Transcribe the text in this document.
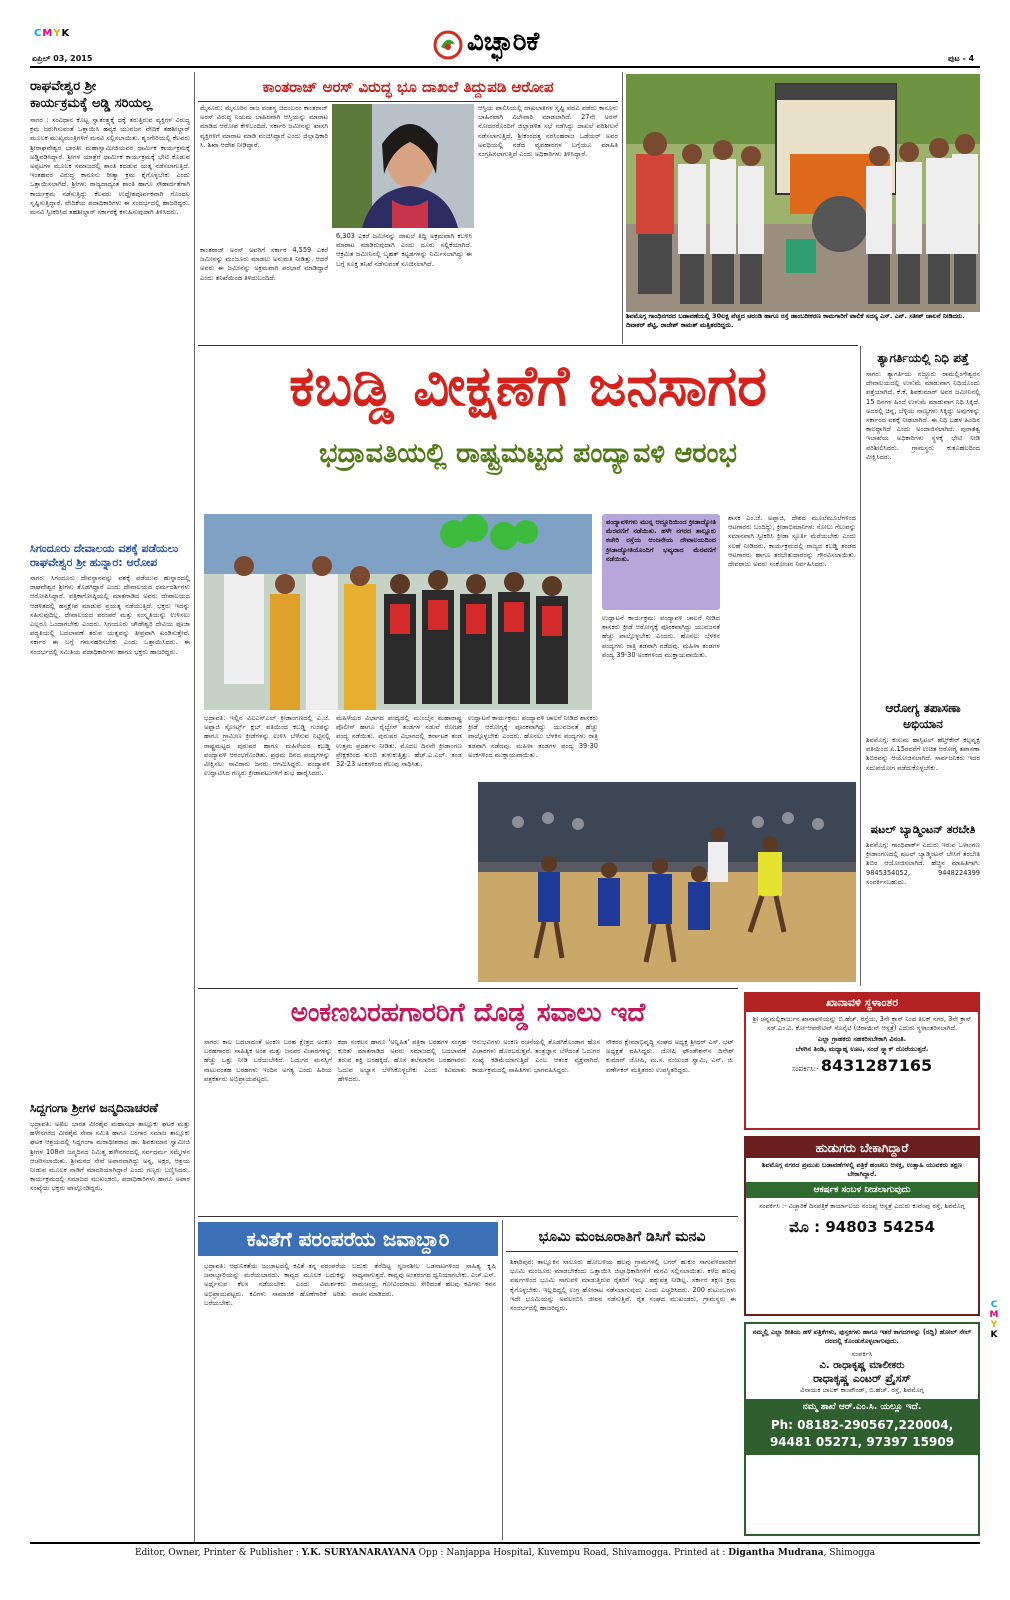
CMYK
ಏಪ್ರಿಲ್ 03, 2015
ವಿಚ್ಛಾರಿಕೆ
ಪುಟ - 4
ರಾಘವೇಶ್ವರ ಶ್ರೀ
ಕಾರ್ಯಕ್ರಮಕ್ಕೆ ಅಡ್ಡಿ ಸರಿಯಲ್ಲ
ಸಾಗರ : ಸಂವಿಧಾನ ಕೊಟ್ಟ ಸ್ವಾತಂತ್ರ್ಯಕ್ಕೆ ಧಕ್ಕೆ ತರುತ್ತಿರುವ ವ್ಯಕ್ತಿಗಳ ವಿರುದ್ಧ ಕ್ರಮ ಜರುಗಿಸುವಂತೆ ಒತ್ತಾಯಿಸಿ ಹವ್ಯಕ ಯುವಜನ ವೇದಿಕೆ ತಹಶೀಲ್ದಾರ್ ಮೂಲಕ ಮುಖ್ಯಮಂತ್ರಿಗಳಿಗೆ ಮನವಿ ಸಲ್ಲಿಸಲಾಯಿತು. ಶೃಂಗೇರಿಯಲ್ಲಿ ಕೆಲವರು ಶ್ರೀರಾಘವೇಶ್ವರ ಭಾರತೀ ಮಹಾಸ್ವಾಮೀಜಿಯವರ ಧಾರ್ಮಿಕ ಕಾರ್ಯಕ್ರಮಕ್ಕೆ ಅಡ್ಡಿಪಡಿಸಿದ್ದಾರೆ. ಶ್ರೀಗಳ ಯಾತ್ರೆಗೆ ಧಾರ್ಮಿಕ ಕಾರ್ಯಕ್ರಮಕ್ಕೆ ಭೇಟಿ ಕೊಡುವ ಅಪ್ಪಟಗಳ ಮೂಲಕ ಸಮಾಜದಲ್ಲಿ ಶಾಂತಿ ಕದಡುವ ಯತ್ನ ನಡೆಸಲಾಗುತ್ತಿದೆ. ಇಂತಹವರ ವಿರುದ್ಧ ಕಾನೂನು ರೀತ್ಯಾ ಕ್ರಮ ಕೈಗೊಳ್ಳಬೇಕು ಎಂದು ಒತ್ತಾಯಿಸಲಾಗಿದೆ. ಶ್ರೀಗಳು ರಾಜ್ಯದಾದ್ಯಂತ ಶಾಂತಿ ಹಾಗೂ ಸೌಹಾರ್ದತೆಗಾಗಿ ಕಾರ್ಯಕ್ರಮ ನಡೆಸುತ್ತಿದ್ದು ಕೆಲವರು ಉದ್ದೇಶಪೂರ್ವಕವಾಗಿ ಗೊಂದಲ ಸೃಷ್ಟಿಸುತ್ತಿದ್ದಾರೆ. ವೇದಿಕೆಯ ಪದಾಧಿಕಾರಿಗಳು ಈ ಸಂದರ್ಭದಲ್ಲಿ ಹಾಜರಿದ್ದರು. ಮನವಿ ಸ್ವೀಕರಿಸಿದ ತಹಶೀಲ್ದಾರ್ ಸರ್ಕಾರಕ್ಕೆ ಕಳುಹಿಸುವುದಾಗಿ ತಿಳಿಸಿದರು.
ಸಿಗಂದೂರು ದೇವಾಲಯ ವಶಕ್ಕೆ ಪಡೆಯಲು ರಾಘವೇಶ್ವರ ಶ್ರೀ ಹುನ್ನಾರ: ಆರೋಪ
ಸಾಗರ: ಸಿಗಂದೂರು ದೇವಸ್ಥಾನವನ್ನು ವಶಕ್ಕೆ ಪಡೆಯುವ ಹುನ್ನಾರದಲ್ಲಿ ರಾಘವೇಶ್ವರ ಶ್ರೀಗಳು ತೊಡಗಿದ್ದಾರೆ ಎಂದು ದೇವಾಲಯದ ಧರ್ಮದರ್ಶಿಗಳು ಆರೋಪಿಸಿದ್ದಾರೆ. ಪತ್ರಿಕಾಗೋಷ್ಠಿಯಲ್ಲಿ ಮಾತನಾಡಿದ ಅವರು ದೇವಾಲಯದ ಆಡಳಿತದಲ್ಲಿ ಹಸ್ತಕ್ಷೇಪ ಮಾಡುವ ಪ್ರಯತ್ನ ನಡೆಯುತ್ತಿದೆ. ಭಕ್ತರು ಇದನ್ನು ಸಹಿಸುವುದಿಲ್ಲ. ದೇವಾಲಯದ ಪರಂಪರೆ ಮತ್ತು ಸಂಸ್ಕೃತಿಯನ್ನು ಉಳಿಸಲು ಎಲ್ಲರೂ ಒಂದಾಗಬೇಕು ಎಂದರು. ಸಿಗಂದೂರು ಚೌಡೇಶ್ವರಿ ದೇವಿಯ ಪೂಜಾ ಪದ್ಧತಿಯಲ್ಲಿ ಬದಲಾವಣೆ ತರುವ ಯತ್ನವನ್ನು ತೀವ್ರವಾಗಿ ಖಂಡಿಸುತ್ತೇವೆ. ಸರ್ಕಾರ ಈ ಬಗ್ಗೆ ಗಮನಹರಿಸಬೇಕು ಎಂದು ಒತ್ತಾಯಿಸಿದರು. ಈ ಸಂದರ್ಭದಲ್ಲಿ ಸಮಿತಿಯ ಪದಾಧಿಕಾರಿಗಳು ಹಾಗೂ ಭಕ್ತರು ಹಾಜರಿದ್ದರು.
ಸಿದ್ದಗಂಗಾ ಶ್ರೀಗಳ ಜನ್ಮದಿನಾಚರಣೆ
ಭದ್ರಾವತಿ: ಅಖಿಲ ಭಾರತ ವೀರಶೈವ ಮಹಾಸಭಾ ತಾಲ್ಲೂಕು ಘಟಕ ಮತ್ತು ಹಳೇನಗರದ ವೀರಶೈವ ಸೇವಾ ಸಮಿತಿ ಹಾಗೂ ಬಂಗಾರ ಸಮಾಜ ತಾಲ್ಲೂಕು ಘಟಕ ಆಶ್ರಯದಲ್ಲಿ ಸಿದ್ದಗಂಗಾ ಮಠಾಧೀಶರಾದ ಡಾ. ಶಿವಕುಮಾರ ಸ್ವಾಮೀಜಿ ಶ್ರೀಗಳ 108ನೇ ಜನ್ಮದಿನದ ನಿಮಿತ್ತ ಹಳೇನಗರದಲ್ಲಿ ಸರ್ವಧರ್ಮ ಸಮ್ಮೇಳನ ಆಚರಿಸಲಾಯಿತು. ಶ್ರೀಮಠದ ಸೇವೆ ಅಪಾರವಾಗಿದ್ದು ಅನ್ನ, ಅಕ್ಷರ, ಆಶ್ರಯ ನೀಡುವ ಮೂಲಕ ನಾಡಿಗೆ ಮಾದರಿಯಾಗಿದ್ದಾರೆ ಎಂದು ಗಣ್ಯರು ಬಣ್ಣಿಸಿದರು. ಕಾರ್ಯಕ್ರಮದಲ್ಲಿ ಸಮಾಜದ ಮುಖಂಡರು, ಪದಾಧಿಕಾರಿಗಳು ಹಾಗೂ ಅಪಾರ ಸಂಖ್ಯೆಯ ಭಕ್ತರು ಪಾಲ್ಗೊಂಡಿದ್ದರು.
ಕಾಂತರಾಜ್ ಅರಸ್ ವಿರುದ್ಧ ಭೂ ದಾಖಲೆ ತಿದ್ದುಪಡಿ ಆರೋಪ
ಮೈಸೂರು: ಮೈಸೂರಿನ ರಾಜ ವಂಶಸ್ಥ ಚಿದಂಬರಂ ಕಾಂತರಾಜ್ ಅರಸ್ ವಿರುದ್ಧ ನಿಯಮ ಬಾಹಿರವಾಗಿ ಆಸ್ತಿಯನ್ನು ಮಾರಾಟ ಮಾಡಿದ ಆರೋಪ ಕೇಳಿಬಂದಿದೆ. ಸರ್ಕಾರಿ ಜಮೀನನ್ನು ಖಾಸಗಿ ವ್ಯಕ್ತಿಗಳಿಗೆ ಮಾರಾಟ ಮಾಡಿ ವಂಚಿಸಿದ್ದಾರೆ ಎಂದು ಜಿಲ್ಲಾಧಿಕಾರಿ ಸಿ. ಶಿಖಾ ಆದೇಶ ನೀಡಿದ್ದಾರೆ.
ಕಾಂತರಾಜ್ ಅರಸ್ ಅವರಿಗೆ ಸರ್ಕಾರ 4,559 ಎಕರೆ ಜಮೀನನ್ನು ಮಂಜೂರು ಮಾಡಲು ಅನುಮತಿ ನೀಡಿತ್ತು. ಆದರೆ ಅವರು ಈ ಜಮೀನನ್ನು ಅಕ್ರಮವಾಗಿ ಪರಭಾರೆ ಮಾಡಿದ್ದಾರೆ ಎಂದು ತನಿಖೆಯಿಂದ ತಿಳಿದುಬಂದಿದೆ.
6,303 ಎಕರೆ ಜಮೀನನ್ನು ದಾಖಲೆ ತಿದ್ದಿ ಅಕ್ರಮವಾಗಿ ಕಬಳಿಸಿ ಮಾರಾಟ ಮಾಡಿರುವುದಾಗಿ ಎಂದು ದೂರು ಸಲ್ಲಿಕೆಯಾಗಿದೆ. ಆಕ್ರಮಿತ ಜಮೀನಿನಲ್ಲಿ ಬೃಹತ್ ಕಟ್ಟಡಗಳನ್ನು ನಿರ್ಮಿಸಲಾಗಿದ್ದು ಈ ಬಗ್ಗೆ ಸೂಕ್ತ ತನಿಖೆ ನಡೆಸುವಂತೆ ಸೂಚಿಸಲಾಗಿದೆ.
ಆಸ್ತಿಯ ಪಾಲಿಸಿಯಲ್ಲಿ ದಾಖಲಾತಿಗಳ ಸೃಷ್ಟಿ ಪದವಿ ಪಡೆದು ಕಾನೂನು ಬಾಹಿರವಾಗಿ ವಿಲೇವಾರಿ ಮಾಡಲಾಗಿದೆ. 27ನೇ ಅರಸ್ ಸೋದರರೊಂದಿಗೆ ಜಿಲ್ಲಾಡಳಿತ ಸಭೆ ನಡೆಸಿದ್ದು ದಾಖಲೆ ಪರಿಶೀಲನೆ ನಡೆಸಲಾಗುತ್ತಿದೆ. ಶ್ರೀಕಂಠದತ್ತ ನರಸಿಂಹರಾಜ ಒಡೆಯರ್ ಅವರ ಅವಧಿಯಲ್ಲಿ ನಡೆದ ವ್ಯವಹಾರಗಳ ಬಗ್ಗೆಯೂ ಮಾಹಿತಿ ಸಂಗ್ರಹಿಸಲಾಗುತ್ತಿದೆ ಎಂದು ಅಧಿಕಾರಿಗಳು ತಿಳಿಸಿದ್ದಾರೆ.
ಶಿವಮೊಗ್ಗ ಗಾಂಧಿನಗರದ ಬಡಾವಣೆಯಲ್ಲಿ 30ಲಕ್ಷ ವೆಚ್ಚದ ಚರಂಡಿ ಹಾಗೂ ರಸ್ತೆ ಡಾಂಬರೀಕರಣ ಕಾಮಗಾರಿಗೆ ಪಾಲಿಕೆ ಸದಸ್ಯ ಎಸ್. ಎನ್. ಸತೀಶ್ ಚಾಲನೆ ನೀಡಿದರು. ದಿವಾಕರ್ ಶೆಟ್ಟಿ, ರಾಜೇಶ್ ಕಾಮತ್ ಮತ್ತಿತರರಿದ್ದರು.
ತ್ಯಾಗರ್ತಿಯಲ್ಲಿ ನಿಧಿ ಪತ್ತೆ
ಸಾಗರ: ತ್ಯಾಗರ್ತಿಯ ನಜ್ಜೂರು ರಾಮಲ್ಲಿಂಗೇಶ್ವರನ ದೇವಾಲಯದಲ್ಲಿ ಉಳುಮೆ ಮಾಡುವಾಗ ನಿಧಿಯೊಂದು ಪತ್ತೆಯಾಗಿದೆ. ಕೆ.ಕೆ. ಶಿವಕುಮಾರ್ ಅವರ ಜಮೀನಿನಲ್ಲಿ 15 ದಿನಗಳ ಹಿಂದೆ ಉಳುಮೆ ಮಾಡುವಾಗ ನಿಧಿ ಸಿಕ್ಕಿದೆ. ಅದರಲ್ಲಿ ಚಿನ್ನ, ಬೆಳ್ಳಿಯ ನಾಣ್ಯಗಳು ಸಿಕ್ಕಿದ್ದು ಅವುಗಳನ್ನು ಸರ್ಕಾರದ ವಶಕ್ಕೆ ನೀಡಲಾಗಿದೆ. ಈ ನಿಧಿ ಬಹಳ ಹಿಂದಿನ ಕಾಲದ್ದಾಗಿದೆ ಎಂದು ಅಂದಾಜಿಸಲಾಗಿದೆ. ಪುರಾತತ್ವ ಇಲಾಖೆಯ ಅಧಿಕಾರಿಗಳು ಸ್ಥಳಕ್ಕೆ ಭೇಟಿ ನೀಡಿ ಪರಿಶೀಲಿಸಿದರು. ಗ್ರಾಮಸ್ಥರು ಕುತೂಹಲದಿಂದ ವೀಕ್ಷಿಸಿದರು.
ಆರೋಗ್ಯ ತಪಾಸಣಾ ಅಭಿಯಾನ
ಶಿವಮೊಗ್ಗ: ಕುಸುಮ ಹಾಸ್ಪಿಟಲ್ ಹೆಲ್ತ್‌ಕೇರ್ ಕಲ್ಪವೃಕ್ಷ ವತಿಯಿಂದ ಏ.15ರವರೆಗೆ ಉಚಿತ ಆರೋಗ್ಯ ತಪಾಸಣಾ ಶಿಬಿರವನ್ನು ಆಯೋಜಿಸಲಾಗಿದೆ. ಸಾರ್ವಜನಿಕರು ಇದರ ಸದುಪಯೋಗ ಪಡೆದುಕೊಳ್ಳಬೇಕು.
ಷಟಲ್ ಬ್ಯಾಡ್ಮಿಂಟನ್ ತರಬೇತಿ
ಶಿವಮೊಗ್ಗ: ಗಾಂಧಿಪಾರ್ಕ್ ಎದುರು ಇರುವ ಒಳಾಂಗಣ ಕ್ರೀಡಾಂಗಣದಲ್ಲಿ ಷಟಲ್ ಬ್ಯಾಡ್ಮಿಂಟನ್ ಬೇಸಿಗೆ ತರಬೇತಿ ಶಿಬಿರ ಆಯೋಜಿಸಲಾಗಿದೆ. ಹೆಚ್ಚಿನ ಮಾಹಿತಿಗಾಗಿ: 9845354052, 9448224399 ಸಂಪರ್ಕಿಸಬಹುದು.
ಕಬಡ್ಡಿ ವೀಕ್ಷಣೆಗೆ ಜನಸಾಗರ
ಭದ್ರಾವತಿಯಲ್ಲಿ ರಾಷ್ಟ್ರಮಟ್ಟದ ಪಂದ್ಯಾವಳಿ ಆರಂಭ
ಪಂದ್ಯಾವಳಿಗಳು ಮುನ್ನ ಆದ್ದೂರಿಯಿಂದ ಕ್ರೀಡಾಜ್ಯೋತಿ ಮೆರವಣಿಗೆ ನಡೆಯಿತು. ಹಳೇ ನಗರದ ತಾಲ್ಲೂಕು ಕಚೇರಿ ರಸ್ತೆಯ ಆಂಜನೇಯ ದೇವಾಲಯದಿಂದ ಕ್ರೀಡಾಜ್ಯೋತಿಯೊಂದಿಗೆ ಭವ್ಯವಾದ ಮೆರವಣಿಗೆ ನಡೆಯಿತು.
ಶಾಸಕ ಎಂ.ಜೆ. ಅಪ್ಪಾಜಿ, ದೇಶದ ಮೂಲೆಮೂಲೆಗಳಿಂದ ಆಟಗಾರರು ಬಂದಿದ್ದು, ಕ್ರೀಡಾಭಿಮಾನಿಗಳು ಸೋಲು ಗೆಲುವನ್ನು ಸಮಾನವಾಗಿ ಸ್ವೀಕರಿಸಿ ಕ್ರೀಡಾ ಸ್ಫೂರ್ತಿ ಮೆರೆಯಬೇಕು ಎಂದು ಸಲಹೆ ನೀಡಿದರು. ಕಾರ್ಯಕ್ರಮದಲ್ಲಿ ರಾಜ್ಯದ ಕಬಡ್ಡಿ ತಂಡದ ಆಟಗಾರರು ಹಾಗೂ ತರಬೇತುದಾರರನ್ನು ಗೌರವಿಸಲಾಯಿತು. ದೇವರಾಜು ಅವರು ಸಂಕೋಚನ ನಿರ್ವಹಿಸಿದರು.
ಉದ್ಘಾಟನೆ ಕಾರ್ಯಕ್ರಮ: ಪಂದ್ಯಾವಳಿ ಚಾಲನೆ ನೀಡಿದ ಶಾಸಕರು ಕ್ರೀಡೆ ಆರೋಗ್ಯಕ್ಕೆ ಪೂರಕವಾಗಿದ್ದು ಯುವಜನತೆ ಹೆಚ್ಚು ಪಾಲ್ಗೊಳ್ಳಬೇಕು ಎಂದರು. ಹೊನಲು ಬೆಳಕಿನ ಪಂದ್ಯಗಳು ರಾತ್ರಿ ತಡವಾಗಿ ನಡೆದವು. ಮಹಿಳಾ ತಂಡಗಳ ಪಂದ್ಯ 39-30 ಅಂಕಗಳಿಂದ ಮುಕ್ತಾಯವಾಯಿತು.
ಭದ್ರಾವತಿ: ಇಲ್ಲಿನ ವಿಐಎಸ್‌ಎಲ್ ಕ್ರೀಡಾಂಗಣದಲ್ಲಿ ಎ.ಜೆ. ಅಪ್ಪಾಜಿ ಸ್ಪೋರ್ಟ್ಸ್ ಕ್ಲಬ್ ವತಿಯಿಂದ ಕಬಡ್ಡಿ ಗುಂಪನ್ನು ಹಾಗೂ ಗ್ರಾಮೀಣ ಕ್ರೀಡೆಗಳನ್ನು ಉಳಿಸಿ ಬೆಳೆಸುವ ನಿಟ್ಟಿನಲ್ಲಿ ರಾಷ್ಟ್ರಮಟ್ಟದ ಪುರುಷರ ಹಾಗೂ ಮಹಿಳೆಯರ ಕಬಡ್ಡಿ ಪಂದ್ಯಾವಳಿ ಆರಂಭಗೊಂಡಿತು. ಪ್ರಥಮ ದಿನದ ಪಂದ್ಯಗಳನ್ನು ವೀಕ್ಷಿಸಲು ಸಾವಿರಾರು ಜನರು ಆಗಮಿಸಿದ್ದರು. ಪಂದ್ಯಾವಳಿ ಉದ್ಘಾಟಿಸಿದ ಗಣ್ಯರು ಕ್ರೀಡಾಪಟುಗಳಿಗೆ ಶುಭ ಹಾರೈಸಿದರು.
ಮಹಿಳೆಯರ ವಿಭಾಗದ ಪಂದ್ಯದಲ್ಲಿ ಮುಂಬೈನ ಮಹಾರಾಷ್ಟ್ರ ಪೊಲೀಸ್ ಹಾಗೂ ರೈಲ್ವೇಸ್ ತಂಡಗಳ ನಡುವೆ ರೋಚಕ ಪಂದ್ಯ ನಡೆಯಿತು. ಪುರುಷರ ವಿಭಾಗದಲ್ಲಿ ಕರ್ನಾಟಕ ತಂಡ ಉತ್ತಮ ಪ್ರದರ್ಶನ ನೀಡಿತು. ಮೊದಲ ದಿನವೇ ಕ್ರೀಡಾಂಗಣ ಪ್ರೇಕ್ಷಕರಿಂದ ತುಂಬಿ ತುಳುಕುತ್ತಿತ್ತು. ಹೆಚ್.ಎ.ಎಲ್. ತಂಡ 32-23 ಅಂಕಗಳಿಂದ ಗೆಲುವು ಸಾಧಿಸಿತು.
ಉದ್ಘಾಟನೆ ಕಾರ್ಯಕ್ರಮ: ಪಂದ್ಯಾವಳಿ ಚಾಲನೆ ನೀಡಿದ ಶಾಸಕರು ಕ್ರೀಡೆ ಆರೋಗ್ಯಕ್ಕೆ ಪೂರಕವಾಗಿದ್ದು ಯುವಜನತೆ ಹೆಚ್ಚು ಪಾಲ್ಗೊಳ್ಳಬೇಕು ಎಂದರು. ಹೊನಲು ಬೆಳಕಿನ ಪಂದ್ಯಗಳು ರಾತ್ರಿ ತಡವಾಗಿ ನಡೆದವು. ಮಹಿಳಾ ತಂಡಗಳ ಪಂದ್ಯ 39-30 ಅಂಕಗಳಿಂದ ಮುಕ್ತಾಯವಾಯಿತು.
ಅಂಕಣಬರಹಗಾರರಿಗೆ ದೊಡ್ಡ ಸವಾಲು ಇದೆ
ಸಾಗರ: ಕಾಲ ಬದಲಾದಂತೆ ಅಂಕಣ ಬರಹ ಕ್ಷೇತ್ರದ ಅಂಕಣ ಬರಹಗಾರರು ಸಾಹಿತ್ಯಿಕ ಅಂಶ ಮತ್ತು ಜನಪರ ವಿಚಾರಗಳನ್ನು ಹೆಚ್ಚು ಒತ್ತು ನೀಡಿ ಬರೆಯಬೇಕಿದೆ. ಓದುಗರ ಮನಸ್ಸಿಗೆ ನಾಟುವಂತಹ ಬರಹಗಳು ಇಂದಿನ ಅಗತ್ಯ ಎಂದು ಹಿರಿಯ ಪತ್ರಕರ್ತರು ಅಭಿಪ್ರಾಯಪಟ್ಟರು.
ಕಥಾ ಸಂಕಲನ ಹಾಗೂ 'ಅನ್ನಿಹಿತ' ಪತ್ರಿಕಾ ಬರಹಗಳ ಸಂಗ್ರಹ ಕುರಿತು ಮಾತನಾಡಿದ ಅವರು ಸಮಾಜದಲ್ಲಿ ಬದಲಾವಣೆ ತರುವ ಶಕ್ತಿ ಬರಹಕ್ಕಿದೆ. ಹೊಸ ತಲೆಮಾರಿನ ಬರಹಗಾರರು ಓದುವ ಅಭ್ಯಾಸ ಬೆಳೆಸಿಕೊಳ್ಳಬೇಕು ಎಂದು ಕಿವಿಮಾತು ಹೇಳಿದರು.
ಆನುಭವಿಗಳು ಅಂಕಣ ರಚನೆಯಲ್ಲಿ ತೊಡಗಿಕೊಂಡಾಗ ಹೊಸ ವಿಚಾರಗಳು ಹೊರಬರುತ್ತವೆ. ತಂತ್ರಜ್ಞಾನ ಬೆಳೆದಂತೆ ಓದುಗರ ಸಂಖ್ಯೆ ಕಡಿಮೆಯಾಗುತ್ತಿದೆ ಎಂಬ ಆತಂಕ ವ್ಯಕ್ತವಾಗಿದೆ. ಕಾರ್ಯಕ್ರಮದಲ್ಲಿ ಸಾಹಿತಿಗಳು ಭಾಗವಹಿಸಿದ್ದರು.
ನೌಕರರ ಕ್ಷೇಮಾಭಿವೃದ್ಧಿ ಸಂಘದ ಅಧ್ಯಕ್ಷ ಶ್ರೀಧರ್ ಎಸ್. ಭಟ್ ಅಧ್ಯಕ್ಷತೆ ವಹಿಸಿದ್ದರು. ಜೋಷಿ ಫೌಂಡೇಶನ್‌ನ ದಿನೇಶ್ ಕುಮಾರ್ ಜೋಷಿ, ಮ.ಸ. ನಂಜುಂಡ ಸ್ವಾಮಿ, ಎನ್. ಜಿ. ವರ್ಣೇಕರ್ ಮತ್ತಿತರರು ಉಪಸ್ಥಿತರಿದ್ದರು.
ಕವಿತೆಗೆ ಪರಂಪರೆಯ ಜವಾಬ್ದಾರಿ
ಭದ್ರಾವತಿ: ಆಧುನಿಕತೆಯ ಜಂಜಾಟದಲ್ಲಿ ಕವಿತೆ ತನ್ನ ಪರಂಪರೆಯ ಜವಾಬ್ದಾರಿಯನ್ನು ಮರೆಯಬಾರದು. ಕಾವ್ಯದ ಮೂಲಕ ಬದುಕನ್ನು ಅರ್ಥೈಸುವ ಕೆಲಸ ನಡೆಯಬೇಕು ಎಂದು ವಿಮರ್ಶಕರು ಅಭಿಪ್ರಾಯಪಟ್ಟರು. ಕವಿಗಳು ಸಾಮಾಜಿಕ ಹೊಣೆಗಾರಿಕೆ ಅರಿತು ಬರೆಯಬೇಕು.
ಬದುಕು ತೆರೆದಿಟ್ಟ ಸೃಜನಶೀಲ ಒಡನಾಟಗಳಿಂದ ಸಾಹಿತ್ಯ ಕೃಷಿ ಸಾಧ್ಯವಾಗುತ್ತದೆ. ಕಾವ್ಯವು ಅಂತರಂಗದ ಧ್ವನಿಯಾಗಬೇಕು. ಎಚ್.ಎಸ್. ರಾಮಚಂದ್ರ, ಗೋವಿಂದರಾಜು ಸೇರಿದಂತೆ ಹಲವು ಕವಿಗಳು ಕವನ ವಾಚನ ಮಾಡಿದರು.
ಭೂಮಿ ಮಂಜೂರಾತಿಗೆ ಡಿಸಿಗೆ ಮನವಿ
ಶಿಕಾರಿಪುರ: ತಾಲ್ಲೂಕಿನ ಸಾಲೂರು ಹೋಬಳಿಯ ಹಲವು ಗ್ರಾಮಗಳಲ್ಲಿ ಬಗರ್ ಹುಕುಂ ಸಾಗುವಳಿದಾರರಿಗೆ ಭೂಮಿ ಮಂಜೂರು ಮಾಡಬೇಕೆಂದು ಒತ್ತಾಯಿಸಿ ಜಿಲ್ಲಾಧಿಕಾರಿಗಳಿಗೆ ಮನವಿ ಸಲ್ಲಿಸಲಾಯಿತು. ಕಳೆದ ಹಲವು ವರ್ಷಗಳಿಂದ ಭೂಮಿ ಸಾಗುವಳಿ ಮಾಡುತ್ತಿರುವ ರೈತರಿಗೆ ಇನ್ನೂ ಹಕ್ಕುಪತ್ರ ನೀಡಿಲ್ಲ. ಸರ್ಕಾರ ತಕ್ಷಣ ಕ್ರಮ ಕೈಗೊಳ್ಳಬೇಕು. ಇಲ್ಲದಿದ್ದಲ್ಲಿ ಉಗ್ರ ಹೋರಾಟ ನಡೆಸಲಾಗುವುದು ಎಂದು ಎಚ್ಚರಿಸಿದರು. 200 ಕುಟುಂಬಗಳು ಇದೇ ಭೂಮಿಯನ್ನು ಅವಲಂಬಿಸಿ ಜೀವನ ನಡೆಸುತ್ತಿವೆ. ರೈತ ಸಂಘದ ಮುಖಂಡರು, ಗ್ರಾಮಸ್ಥರು ಈ ಸಂದರ್ಭದಲ್ಲಿ ಹಾಜರಿದ್ದರು.
ಖಾನಾವಳಿ ಸ್ಥಳಾಂತರ
ಶ್ರೀ ಚನ್ನಮಲ್ಲಿಕಾರ್ಜುನ ಖಾನಾವಳಿಯನ್ನು ಬಿ.ಹೆಚ್. ರಸ್ತೆಯ, 3ನೇ ಕ್ರಾಸ್ ನಿಂದ ತಿಲಕ್ ನಗರ, 3ನೇ ಕ್ರಾಸ್ ಸರ್.ಎಂ.ವಿ. ಕೋ-ಆಪರೇಟಿವ್ ಸೊಸೈಟಿ (ಚಿರಾಯಿನ್ ಆಸ್ಪತ್ರೆ) ಎದುರು ಸ್ಥಳಾಂತರಿಸಲಾಗಿದೆ.
ಎಲ್ಲಾ ಗ್ರಾಹಕರು ಸಹಕರಿಸಬೇಕಾಗಿ ವಿನಂತಿ.
ಬೆಳಗಿನ ತಿಂಡಿ, ಮಧ್ಯಾಹ್ನ ಊಟ, ಸಂಜೆ ಸ್ನ್ಯಾಕ್ ದೊರೆಯುತ್ತದೆ.
ಸಂಪರ್ಕಿಸಿ:- 8431287165
ಹುಡುಗರು ಬೇಕಾಗಿದ್ದಾರೆ
ಶಿವಮೊಗ್ಗ ನಗರದ ಪ್ರಮುಖ ಬಡಾವಣೆಗಳಲ್ಲಿ ಪತ್ರಿಕೆ ಹಂಚಲು ಆಸಕ್ತ, ಉತ್ಸಾಹಿ ಯುವಕರು ತಕ್ಷಣ ಬೇಕಾಗಿದ್ದಾರೆ.
ಆಕರ್ಷಕ ಸಂಬಳ ನೀಡಲಾಗುವುದು
ಸಂಪರ್ಕಿಸಿ :- ವಿಚ್ಛಾರಿಕೆ ದಿನಪತ್ರಿಕೆ ಕಾರ್ಯಾಲಯ ನಂಜಪ್ಪ ಆಸ್ಪತ್ರೆ ಎದುರು ಕುವೆಂಪು ರಸ್ತೆ, ಶಿವಮೊಗ್ಗ
ಮೊ : 94803 54254
ನಮ್ಮಲ್ಲಿ ಎಲ್ಲಾ ರೀತಿಯ ಹಳೆ ಪತ್ರಿಕೆಗಳು, ಪುಸ್ತಕಗಳು ಹಾಗೂ ಇತರೆ ಕಾಗದಗಳನ್ನು (ರದ್ದಿ) ಹೋಲ್ ಸೇಲ್ ದರದಲ್ಲಿ ಕೊಂಡುಕೊಳ್ಳಲಾಗುವುದು.
ಸಂಪರ್ಕಿಸಿ
ವಿ. ರಾಧಾಕೃಷ್ಣ ಮಾಲೀಕರು
ರಾಧಾಕೃಷ್ಣ ಎಂಟರ್ ಪ್ರೈಸಸ್
ವಿನಾಯಕ ಬಾಲಕ್ ಕಾಂಪೌಂಡ್, ಬಿ.ಹೆಚ್. ರಸ್ತೆ, ಶಿವಮೊಗ್ಗ
ನಮ್ಮ ಶಾಖೆ ಆರ್.ಎಂ.ಸಿ. ಯಲ್ಲೂ ಇದೆ.
Ph: 08182-290567,220004,
94481 05271, 97397 15909
C
M
Y
K
Editor, Owner, Printer & Publisher : Y.K. SURYANARAYANA Opp : Nanjappa Hospital, Kuvempu Road, Shivamogga. Printed at : Digantha Mudrana, Shimogga
